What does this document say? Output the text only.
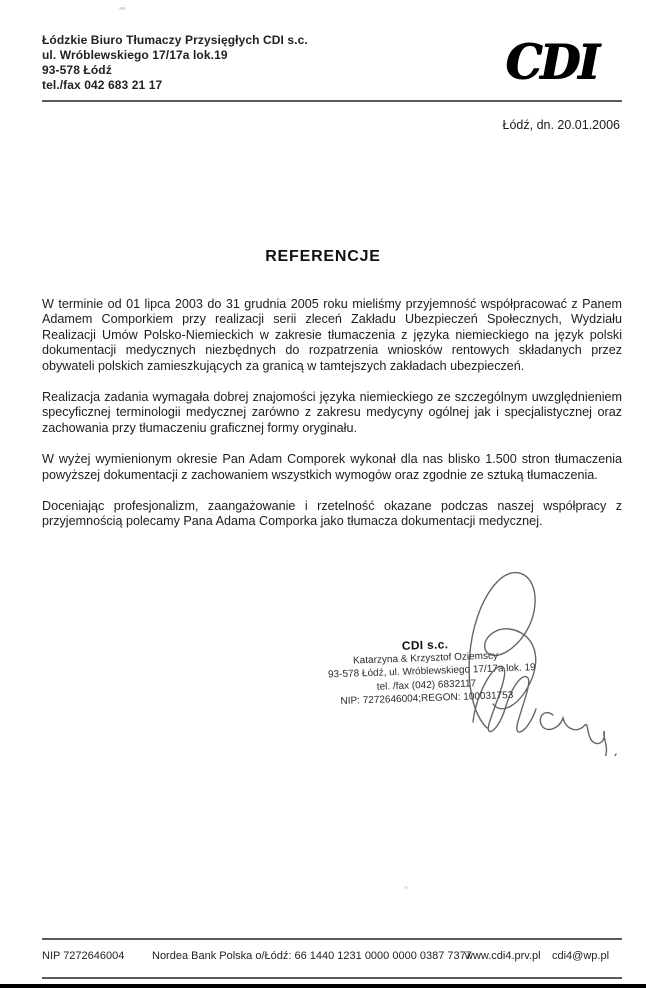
Łódzkie Biuro Tłumaczy Przysięgłych CDI s.c.
ul. Wróblewskiego 17/17a lok.19
93-578 Łódź
tel./fax 042 683 21 17	CDI
Łódź, dn. 20.01.2006
REFERENCJE

W terminie od 01 lipca 2003 do 31 grudnia 2005 roku mieliśmy przyjemność współpracować z Panem Adamem Comporkiem przy realizacji serii zleceń Zakładu Ubezpieczeń Społecznych, Wydziału Realizacji Umów Polsko-Niemieckich w zakresie tłumaczenia z języka niemieckiego na język polski dokumentacji medycznych niezbędnych do rozpatrzenia wniosków rentowych składanych przez obywateli polskich zamieszkujących za granicą w tamtejszych zakładach ubezpieczeń.

Realizacja zadania wymagała dobrej znajomości języka niemieckiego ze szczególnym uwzględnieniem specyficznej terminologii medycznej zarówno z zakresu medycyny ogólnej jak i specjalistycznej oraz zachowania przy tłumaczeniu graficznej formy oryginału.

W wyżej wymienionym okresie Pan Adam Comporek wykonał dla nas blisko 1.500 stron tłumaczenia powyższej dokumentacji z zachowaniem wszystkich wymogów oraz zgodnie ze sztuką tłumaczenia.

Doceniając profesjonalizm, zaangażowanie i rzetelność okazane podczas naszej współpracy z przyjemnością polecamy Pana Adama Comporka jako tłumacza dokumentacji medycznej.

CDI s.c.
Katarzyna & Krzysztof Oziemscy
93-578 Łódź, ul. Wróblewskiego 17/17a lok. 19
tel. /fax (042) 6832117
NIP: 7272646004;REGON: 100031753
NIP 7272646004	Nordea Bank Polska o/Łódź: 66 1440 1231 0000 0000 0387 7377
www.cdi4.prv.pl cdi4@wp.pl
